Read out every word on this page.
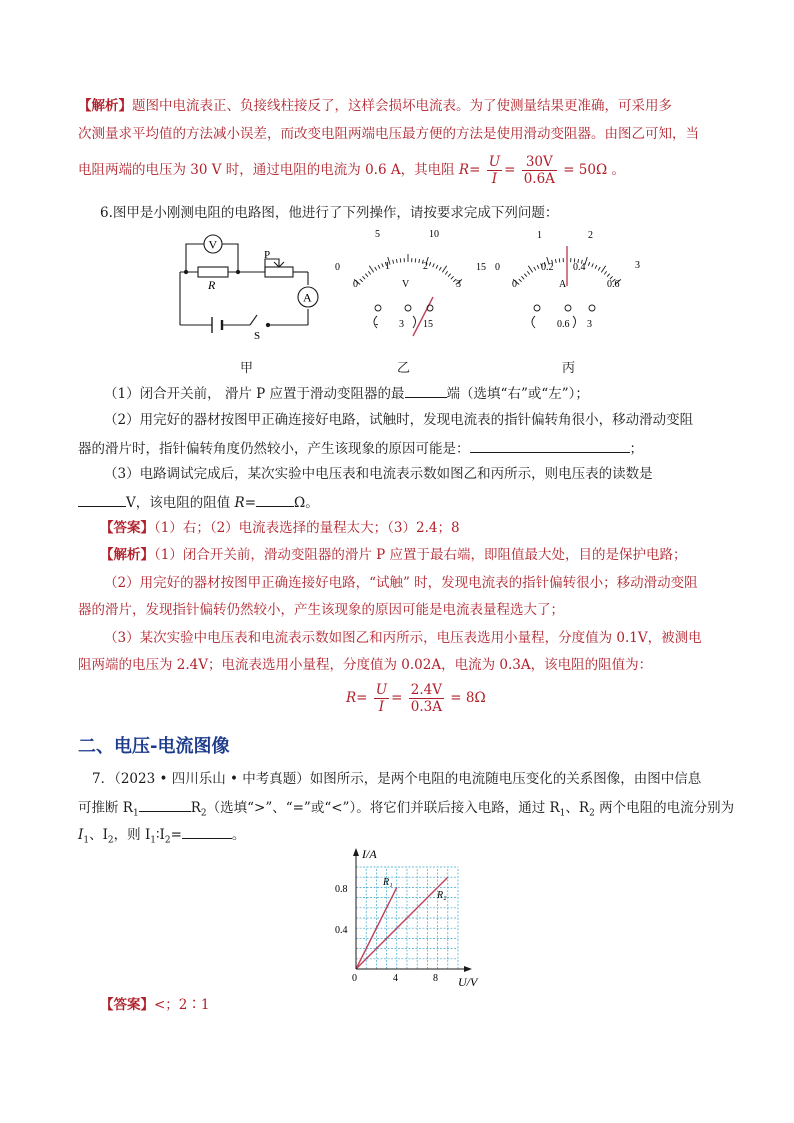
【解析】题图中电流表正、负接线柱接反了，这样会损坏电流表。为了使测量结果更准确，可采用多
次测量求平均值的方法减小误差，而改变电阻两端电压最方便的方法是使用滑动变阻器。由图乙可知，当
电阻两端的电压为 30 V 时，通过电阻的电流为 0.6 A，其电阻 $R= \frac{U}{I} = \frac{30V}{0.6A} = 50\Omega$ 。
6.图甲是小刚测电阻的电路图，他进行了下列操作，请按要求完成下列问题：
V
A
R
P
S
5	10
0	15
0
1	2
3
V
- 3 15
1	2
0	3
0
0.2 0.4
0.6
A
0.6 3
甲	乙	丙
（1）闭合开关前， 滑片 P 应置于滑动变阻器的最	端（选填“右”或“左”）；
（2）用完好的器材按图甲正确连接好电路，试触时，发现电流表的指针偏转角很小，移动滑动变阻
器的滑片时，指针偏转角度仍然较小，产生该现象的原因可能是：	；
（3）电路调试完成后，某次实验中电压表和电流表示数如图乙和丙所示，则电压表的读数是
V，该电阻的阻值 R=	Ω。
【答案】（1）右；（2）电流表选择的量程太大；（3）2.4；8
【解析】（1）闭合开关前，滑动变阻器的滑片 P 应置于最右端，即阻值最大处，目的是保护电路；
（2）用完好的器材按图甲正确连接好电路，“试触” 时，发现电流表的指针偏转很小；移动滑动变阻
器的滑片，发现指针偏转仍然较小，产生该现象的原因可能是电流表量程选大了；
（3）某次实验中电压表和电流表示数如图乙和丙所示，电压表选用小量程，分度值为 0.1V，被测电
阻两端的电压为 2.4V；电流表选用小量程，分度值为 0.02A，电流为 0.3A，该电阻的阻值为：
$R= \frac{U}{I} = \frac{2.4V}{0.3A} = 8\Omega$
二、电压-电流图像
7．（2023 • 四川乐山 • 中考真题）如图所示，是两个电阻的电流随电压变化的关系图像，由图中信息
可推断 $R_1$	$R_2$（选填“>”、“=”或“<”）。将它们并联后接入电路，通过 $R_1$、$R_2$ 两个电阻的电流分别为
$I_1$、$I_2$，则 $I_1∶I_2=$	。
I/A
U/V
0.8
0.4
0	4	8
R₁
R₂
【答案】<；2∶1
